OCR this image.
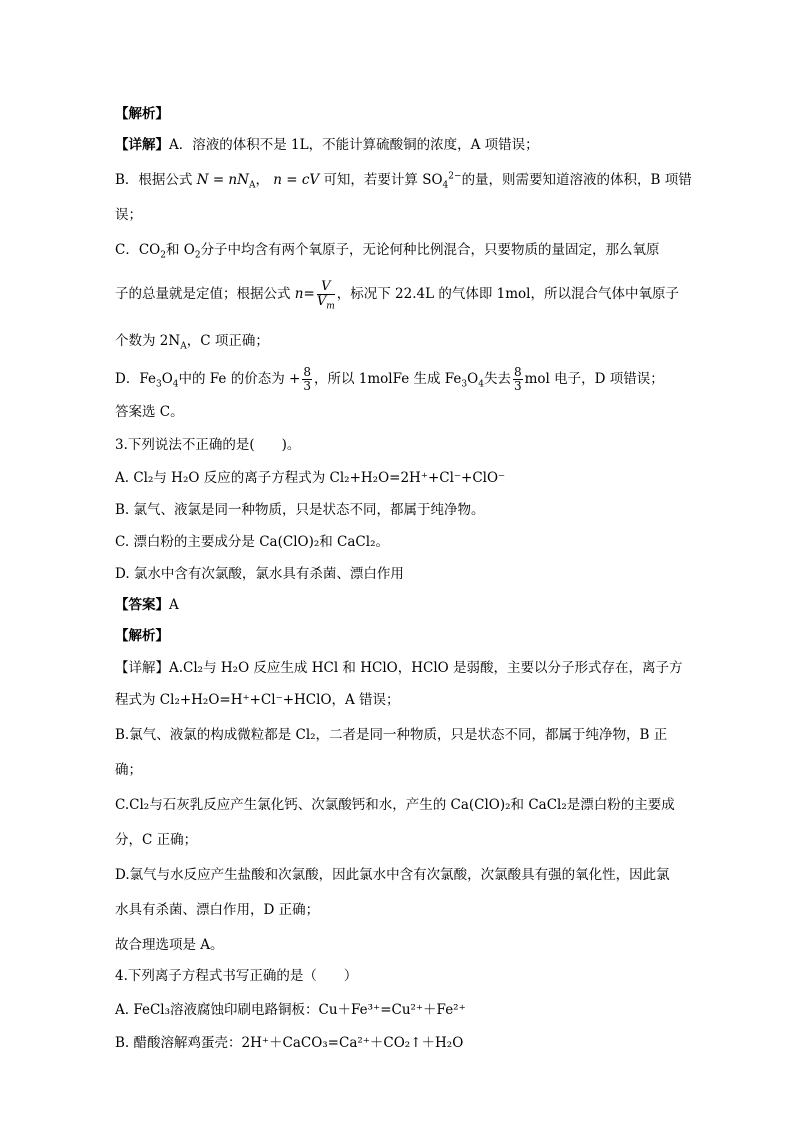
【解析】
【详解】A．溶液的体积不是 1L，不能计算硫酸铜的浓度，A 项错误；
B．根据公式 $N = nN_A$， n = cV 可知，若要计算 $SO_4^{2-}$的量，则需要知道溶液的体积，B 项错
误；
C．$CO_2$和 $O_2$分子中均含有两个氧原子，无论何种比例混合，只要物质的量固定，那么氧原
子的总量就是定值；根据公式 $n= \frac{V}{V_m}$ ，标况下 22.4L 的气体即 1mol，所以混合气体中氧原子
个数为 $2N_A$，C 项正确；
D．$Fe_3O_4$中的 Fe 的价态为 + $\frac{8}{3}$ ，所以 1molFe 生成 $Fe_3O_4$失去 $\frac{8}{3}$ mol 电子，D 项错误；
答案选 C。
3.下列说法不正确的是(　　)。
A. Cl₂与 H₂O 反应的离子方程式为 Cl₂+H₂O=2H⁺+Cl⁻+ClO⁻
B. 氯气、液氯是同一种物质，只是状态不同，都属于纯净物。
C. 漂白粉的主要成分是 Ca(ClO)₂和 CaCl₂。
D. 氯水中含有次氯酸，氯水具有杀菌、漂白作用
【答案】A
【解析】
【详解】A.Cl₂与 H₂O 反应生成 HCl 和 HClO，HClO 是弱酸，主要以分子形式存在，离子方
程式为 Cl₂+H₂O=H⁺+Cl⁻+HClO，A 错误；
B.氯气、液氯的构成微粒都是 Cl₂，二者是同一种物质，只是状态不同，都属于纯净物，B 正
确；
C.Cl₂与石灰乳反应产生氯化钙、次氯酸钙和水，产生的 Ca(ClO)₂和 CaCl₂是漂白粉的主要成
分，C 正确；
D.氯气与水反应产生盐酸和次氯酸，因此氯水中含有次氯酸，次氯酸具有强的氧化性，因此氯
水具有杀菌、漂白作用，D 正确；
故合理选项是 A。
4.下列离子方程式书写正确的是（　　）
A. FeCl₃溶液腐蚀印刷电路铜板：Cu＋Fe³⁺=Cu²⁺＋Fe²⁺
B. 醋酸溶解鸡蛋壳：2H⁺＋CaCO₃=Ca²⁺＋CO₂↑＋H₂O
